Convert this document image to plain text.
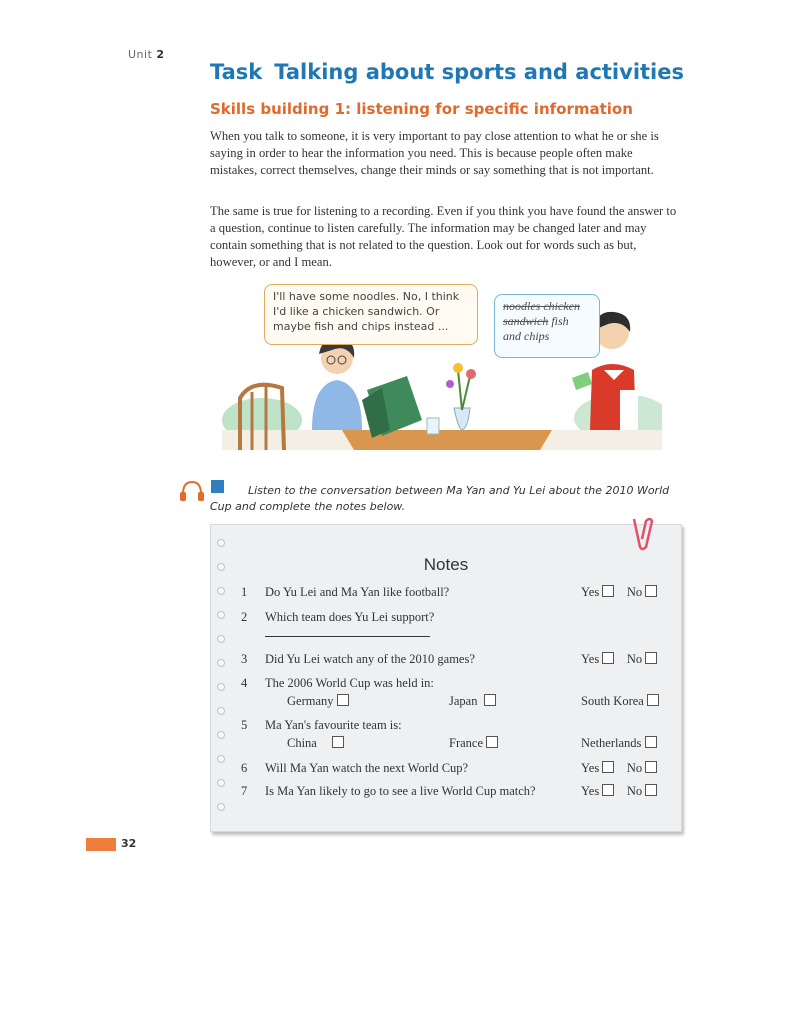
Unit 2
Task Talking about sports and activities
Skills building 1: listening for specific information

When you talk to someone, it is very important to pay close attention to what he or she is saying in order to hear the information you need. This is because people often make mistakes, correct themselves, change their minds or say something that is not important.

The same is true for listening to a recording. Even if you think you have found the answer to a question, continue to listen carefully. The information may be changed later and may contain something that is not related to the question. Look out for words such as but, however, or and I mean.

I'll have some noodles. No, I think I'd like a chicken sandwich. Or maybe fish and chips instead ...
noodles chicken
sandwich fish
and chips
Listen to the conversation between Ma Yan and Yu Lei about the 2010 World Cup and complete the notes below.
Notes
1 Do Yu Lei and Ma Yan like football?	Yes No
2 Which team does Yu Lei support?
3 Did Yu Lei watch any of the 2010 games?	Yes No
4 The 2006 World Cup was held in:
Germany	Japan	South Korea
5 Ma Yan's favourite team is:
China	France	Netherlands
6 Will Ma Yan watch the next World Cup?	Yes No
7 Is Ma Yan likely to go to see a live World Cup match?	Yes No
32
